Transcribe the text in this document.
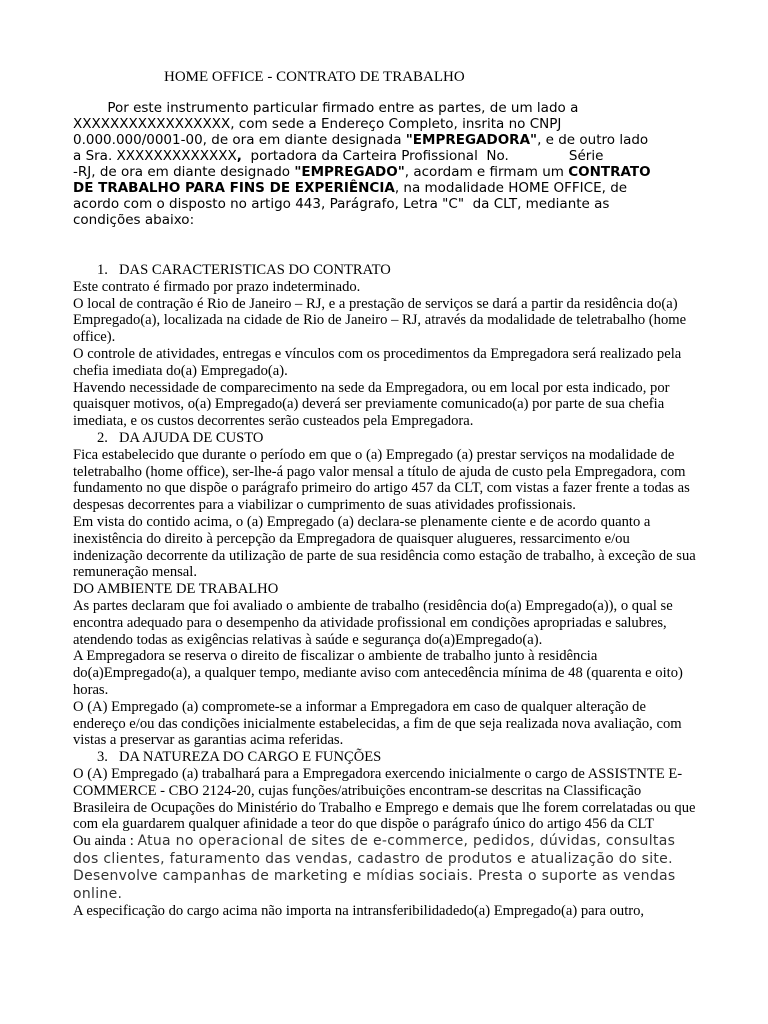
HOME OFFICE - CONTRATO DE TRABALHO
Por este instrumento particular firmado entre as partes, de um lado a
XXXXXXXXXXXXXXXXX, com sede a Endereço Completo, insrita no CNPJ
0.000.000/0001-00, de ora em diante designada "EMPREGADORA", e de outro lado
a Sra. XXXXXXXXXXXXX,  portadora da Carteira Profissional  No.              Série
-RJ, de ora em diante designado "EMPREGADO", acordam e firmam um CONTRATO
DE TRABALHO PARA FINS DE EXPERIÊNCIA, na modalidade HOME OFFICE, de
acordo com o disposto no artigo 443, Parágrafo, Letra "C"  da CLT, mediante as
condições abaixo:

1. DAS CARACTERISTICAS DO CONTRATO

Este contrato é firmado por prazo indeterminado.

O local de contração é Rio de Janeiro – RJ, e a prestação de serviços se dará a partir da residência do(a) Empregado(a), localizada na cidade de Rio de Janeiro – RJ, através da modalidade de teletrabalho (home office).

O controle de atividades, entregas e vínculos com os procedimentos da Empregadora será realizado pela chefia imediata do(a) Empregado(a).

Havendo necessidade de comparecimento na sede da Empregadora, ou em local por esta indicado, por quaisquer motivos, o(a) Empregado(a) deverá ser previamente comunicado(a) por parte de sua chefia imediata, e os custos decorrentes serão custeados pela Empregadora.

2. DA AJUDA DE CUSTO

Fica estabelecido que durante o período em que o (a) Empregado (a) prestar serviços na modalidade de teletrabalho (home office), ser-lhe-á pago valor mensal a título de ajuda de custo pela Empregadora, com fundamento no que dispõe o parágrafo primeiro do artigo 457 da CLT, com vistas a fazer frente a todas as despesas decorrentes para a viabilizar o cumprimento de suas atividades profissionais.

Em vista do contido acima, o (a) Empregado (a) declara-se plenamente ciente e de acordo quanto a inexistência do direito à percepção da Empregadora de quaisquer alugueres, ressarcimento e/ou indenização decorrente da utilização de parte de sua residência como estação de trabalho, à exceção de sua remuneração mensal.

DO AMBIENTE DE TRABALHO

As partes declaram que foi avaliado o ambiente de trabalho (residência do(a) Empregado(a)), o qual se encontra adequado para o desempenho da atividade profissional em condições apropriadas e salubres, atendendo todas as exigências relativas à saúde e segurança do(a)Empregado(a).

A Empregadora se reserva o direito de fiscalizar o ambiente de trabalho junto à residência do(a)Empregado(a), a qualquer tempo, mediante aviso com antecedência mínima de 48 (quarenta e oito) horas.

O (A) Empregado (a) compromete-se a informar a Empregadora em caso de qualquer alteração de endereço e/ou das condições inicialmente estabelecidas, a fim de que seja realizada nova avaliação, com vistas a preservar as garantias acima referidas.

3. DA NATUREZA DO CARGO E FUNÇÕES

O (A) Empregado (a) trabalhará para a Empregadora exercendo inicialmente o cargo de ASSISTNTE E-COMMERCE - CBO 2124-20, cujas funções/atribuições encontram-se descritas na Classificação Brasileira de Ocupações do Ministério do Trabalho e Emprego e demais que lhe forem correlatadas ou que com ela guardarem qualquer afinidade a teor do que dispõe o parágrafo único do artigo 456 da CLT

Ou ainda : Atua no operacional de sites de e-commerce, pedidos, dúvidas, consultas dos clientes, faturamento das vendas, cadastro de produtos e atualização do site. Desenvolve campanhas de marketing e mídias sociais. Presta o suporte as vendas online.

A especificação do cargo acima não importa na intransferibilidadedo(a) Empregado(a) para outro,
